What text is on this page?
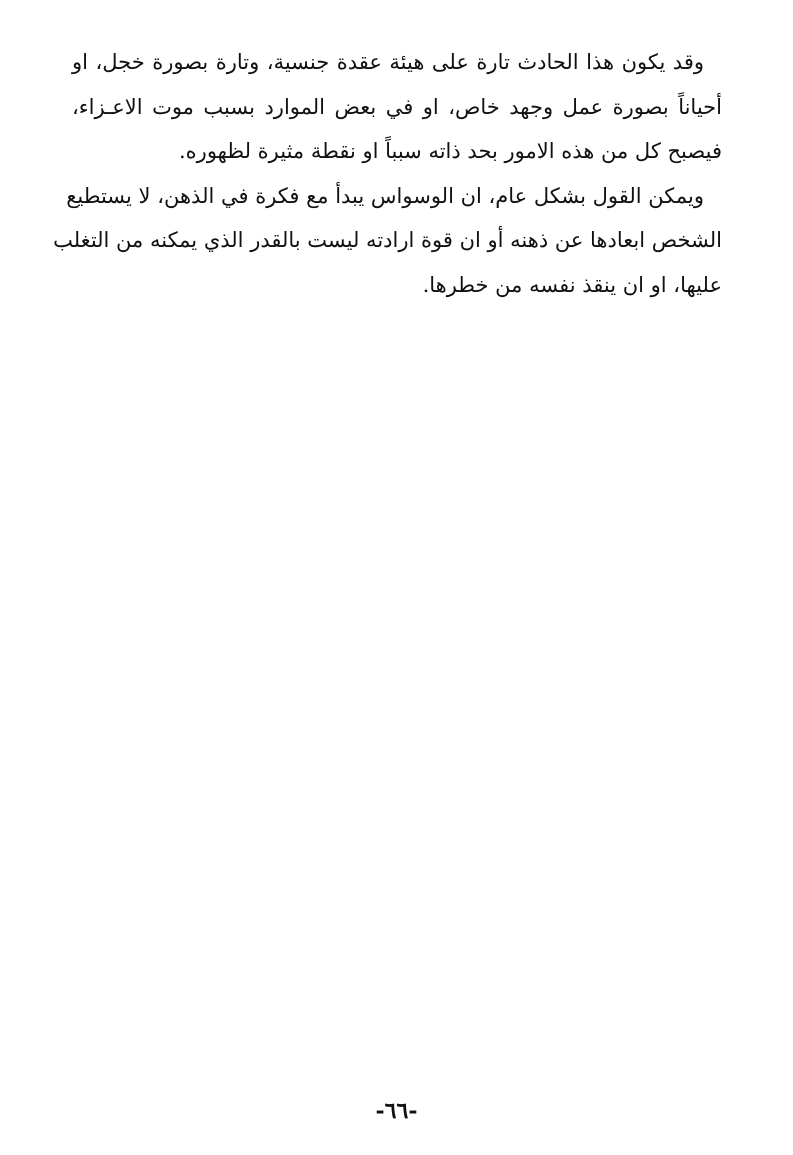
وقد يكون هذا الحادث تارة على هيئة عقدة جنسية، وتارة بصورة خجل، او
أحياناً بصورة عمل وجهد خاص، او في بعض الموارد بسبب موت الاعـزاء،
فيصبح كل من هذه الامور بحد ذاته سبباً او نقطة مثيرة لظهوره.

ويمكن القول بشكل عام، ان الوسواس يبدأ مع فكرة في الذهن، لا يستطيع
الشخص ابعادها عن ذهنه أو ان قوة ارادته ليست بالقدر الذي يمكنه من التغلب
عليها، او ان ينقذ نفسه من خطرها.

-٦٦-
